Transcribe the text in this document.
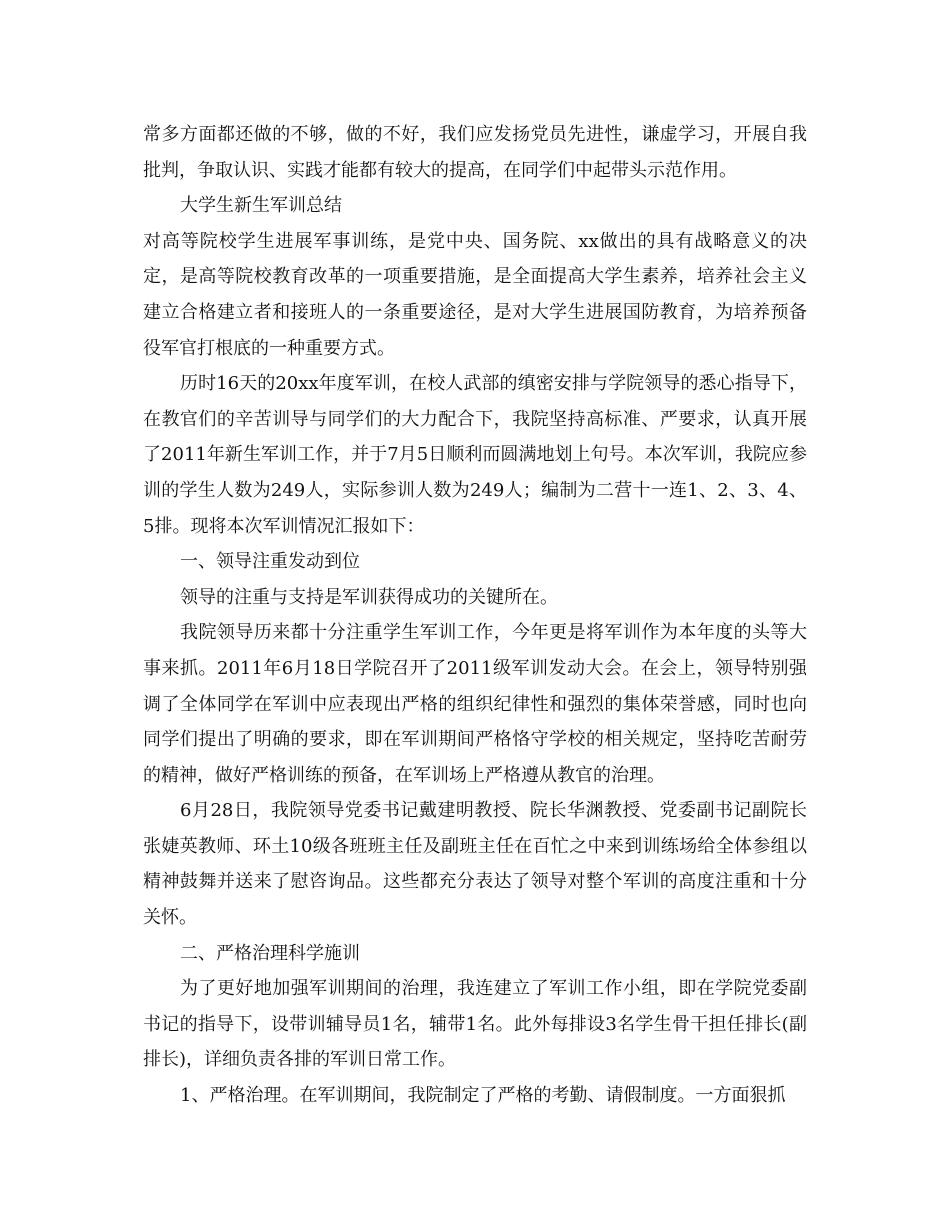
常多方面都还做的不够，做的不好，我们应发扬党员先进性，谦虚学习，开展自我批判，争取认识、实践才能都有较大的提高，在同学们中起带头示范作用。

大学生新生军训总结

对高等院校学生进展军事训练，是党中央、国务院、xx做出的具有战略意义的决定，是高等院校教育改革的一项重要措施，是全面提高大学生素养，培养社会主义建立合格建立者和接班人的一条重要途径，是对大学生进展国防教育，为培养预备役军官打根底的一种重要方式。

历时16天的20xx年度军训，在校人武部的缜密安排与学院领导的悉心指导下，在教官们的辛苦训导与同学们的大力配合下，我院坚持高标准、严要求，认真开展了2011年新生军训工作，并于7月5日顺利而圆满地划上句号。本次军训，我院应参训的学生人数为249人，实际参训人数为249人；编制为二营十一连1、2、3、4、5排。现将本次军训情况汇报如下：

一、领导注重发动到位

领导的注重与支持是军训获得成功的关键所在。

我院领导历来都十分注重学生军训工作，今年更是将军训作为本年度的头等大事来抓。2011年6月18日学院召开了2011级军训发动大会。在会上，领导特别强调了全体同学在军训中应表现出严格的组织纪律性和强烈的集体荣誉感，同时也向同学们提出了明确的要求，即在军训期间严格恪守学校的相关规定，坚持吃苦耐劳的精神，做好严格训练的预备，在军训场上严格遵从教官的治理。

6月28日，我院领导党委书记戴建明教授、院长华渊教授、党委副书记副院长张婕英教师、环土10级各班班主任及副班主任在百忙之中来到训练场给全体参组以精神鼓舞并送来了慰咨询品。这些都充分表达了领导对整个军训的高度注重和十分关怀。

二、严格治理科学施训

为了更好地加强军训期间的治理，我连建立了军训工作小组，即在学院党委副书记的指导下，设带训辅导员1名，辅带1名。此外每排设3名学生骨干担任排长(副排长)，详细负责各排的军训日常工作。

1、严格治理。在军训期间，我院制定了严格的考勤、请假制度。一方面狠抓
